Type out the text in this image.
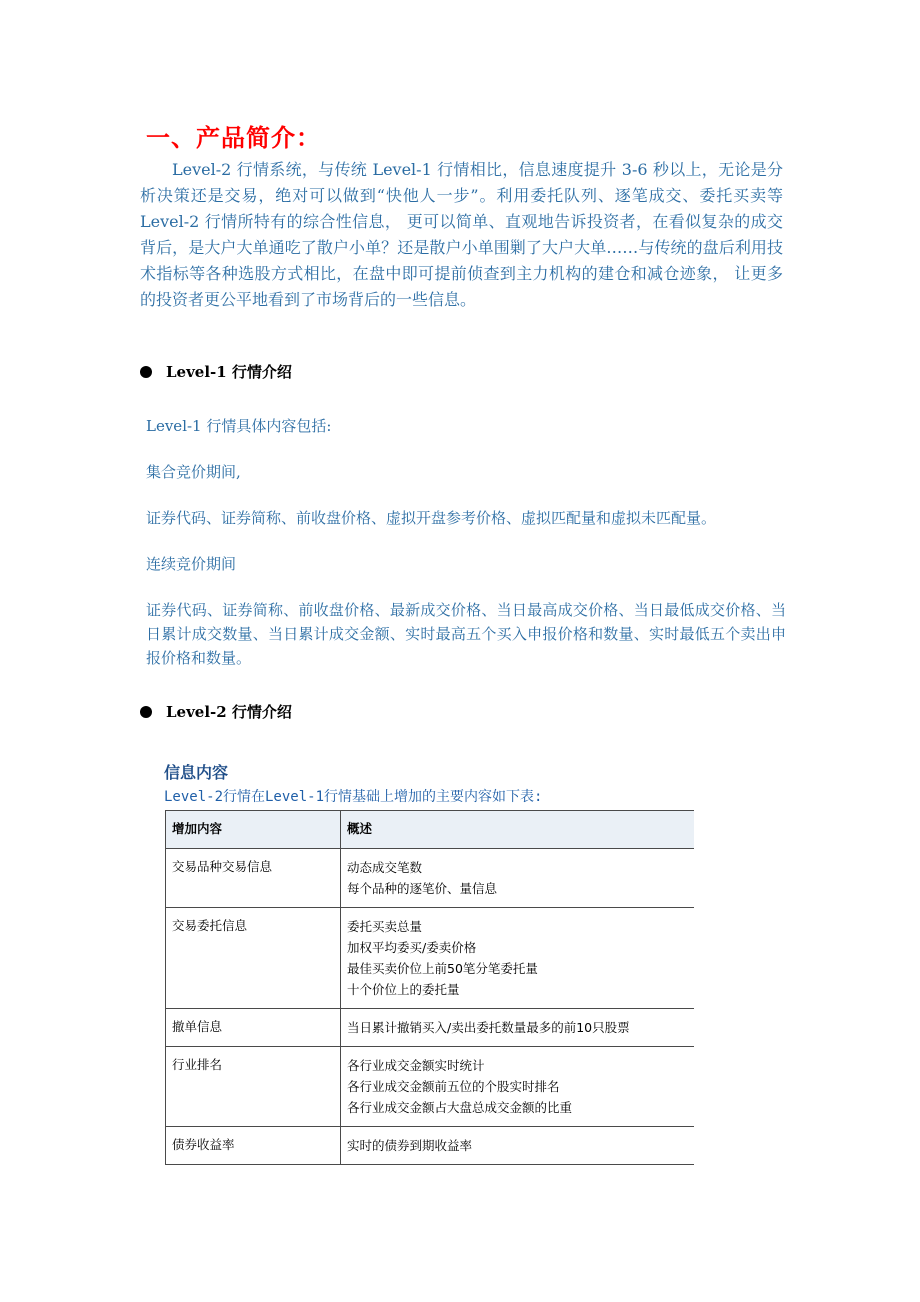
一、产品简介：
Level-2 行情系统，与传统 Level-1 行情相比，信息速度提升 3-6 秒以上，无论是分析决策还是交易，绝对可以做到“快他人一步”。利用委托队列、逐笔成交、委托买卖等 Level-2 行情所特有的综合性信息， 更可以简单、直观地告诉投资者，在看似复杂的成交背后，是大户大单通吃了散户小单？还是散户小单围剿了大户大单……与传统的盘后利用技术指标等各种选股方式相比，在盘中即可提前侦查到主力机构的建仓和减仓迹象， 让更多的投资者更公平地看到了市场背后的一些信息。
Level-1 行情介绍
Level-1 行情具体内容包括:
集合竞价期间,
证券代码、证券简称、前收盘价格、虚拟开盘参考价格、虚拟匹配量和虚拟未匹配量。
连续竞价期间
证券代码、证券简称、前收盘价格、最新成交价格、当日最高成交价格、当日最低成交价格、当日累计成交数量、当日累计成交金额、实时最高五个买入申报价格和数量、实时最低五个卖出申报价格和数量。
Level-2 行情介绍
信息内容
Level-2行情在Level-1行情基础上增加的主要内容如下表:
增加内容	概述
交易品种交易信息	动态成交笔数
每个品种的逐笔价、量信息

交易委托信息	委托买卖总量
加权平均委买/委卖价格
最佳买卖价位上前50笔分笔委托量
十个价位上的委托量

撤单信息	当日累计撤销买入/卖出委托数量最多的前10只股票

行业排名	各行业成交金额实时统计
各行业成交金额前五位的个股实时排名
各行业成交金额占大盘总成交金额的比重

债券收益率	实时的债券到期收益率
